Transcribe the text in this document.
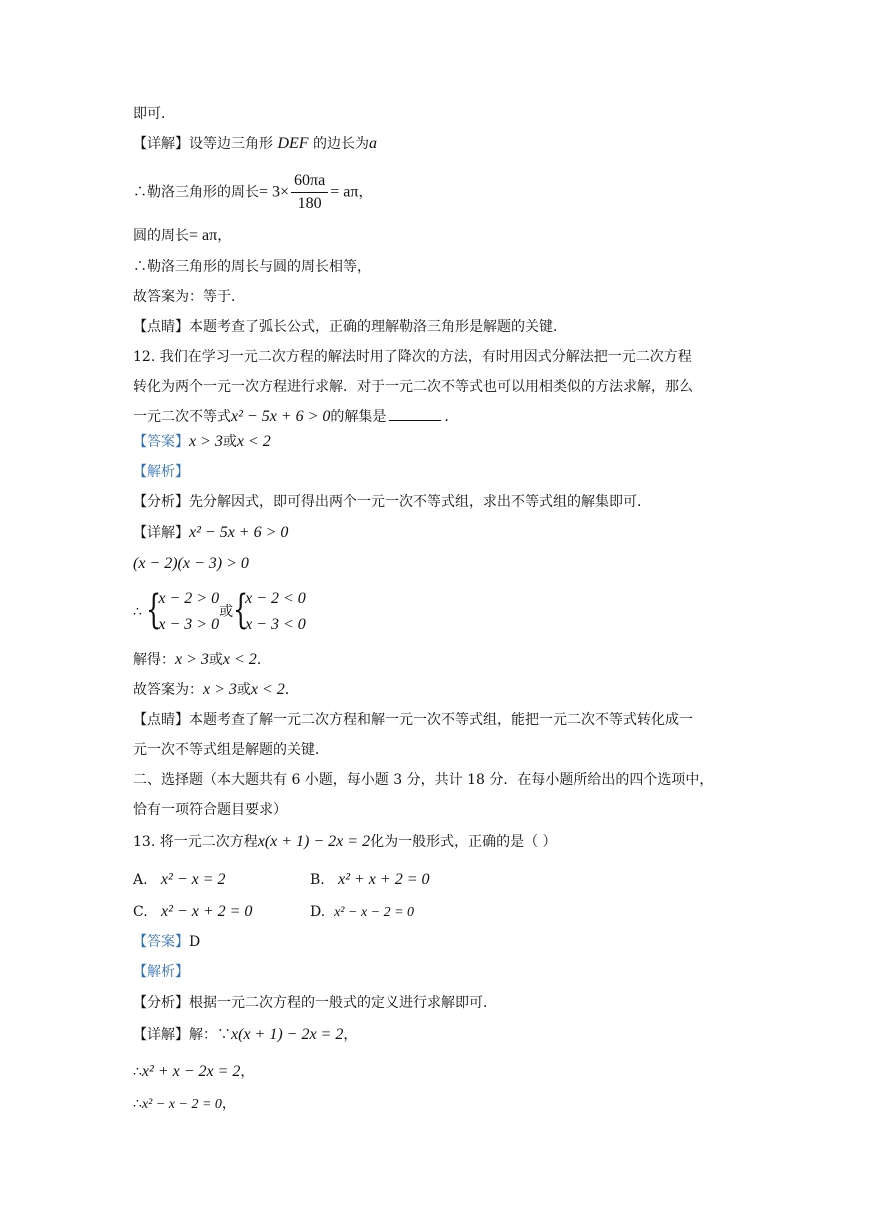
即可．
【详解】设等边三角形 DEF 的边长为a
∴勒洛三角形的周长= $3\times \frac{60\pi a}{180} = a\pi$，
圆的周长= aπ，
∴勒洛三角形的周长与圆的周长相等，
故答案为：等于．
【点睛】本题考查了弧长公式，正确的理解勒洛三角形是解题的关键．
12. 我们在学习一元二次方程的解法时用了降次的方法，有时用因式分解法把一元二次方程
转化为两个一元一次方程进行求解．对于一元二次不等式也可以用相类似的方法求解，那么
一元二次不等式x² − 5x + 6 > 0的解集是	．
【答案】x > 3或x < 2
【解析】
【分析】先分解因式，即可得出两个一元一次不等式组，求出不等式组的解集即可．
【详解】x² − 5x + 6 > 0
(x − 2)(x − 3) > 0
∴ {
x − 2 > 0
x − 3 > 0
或 {
x − 2 < 0
x − 3 < 0
解得：x > 3或x < 2．
故答案为：x > 3或x < 2．
【点睛】本题考查了解一元二次方程和解一元一次不等式组，能把一元二次不等式转化成一
元一次不等式组是解题的关键．
二、选择题（本大题共有 6 小题，每小题 3 分，共计 18 分．在每小题所给出的四个选项中，
恰有一项符合题目要求）
13. 将一元二次方程x(x + 1) − 2x = 2化为一般形式，正确的是（ ）
A. x² − x = 2	B. x² + x + 2 = 0
C. x² − x + 2 = 0	D. x² − x − 2 = 0
【答案】D
【解析】
【分析】根据一元二次方程的一般式的定义进行求解即可．
【详解】解：∵x(x + 1) − 2x = 2，
∴x² + x − 2x = 2，
∴x² − x − 2 = 0，
